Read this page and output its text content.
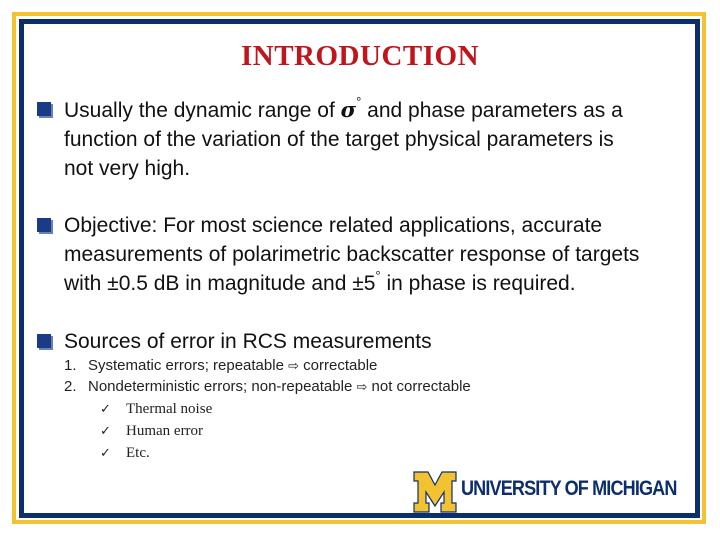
INTRODUCTION
Usually the dynamic range of σ° and phase parameters as a
function of the variation of the target physical parameters is
not very high.
Objective: For most science related applications, accurate
measurements of polarimetric backscatter response of targets
with ±0.5 dB in magnitude and ±5° in phase is required.
Sources of error in RCS measurements
1. Systematic errors; repeatable ⇨ correctable
2. Nondeterministic errors; non-repeatable ⇨ not correctable
✓ Thermal noise
✓ Human error
✓ Etc.
UNIVERSITY OF MICHIGAN
